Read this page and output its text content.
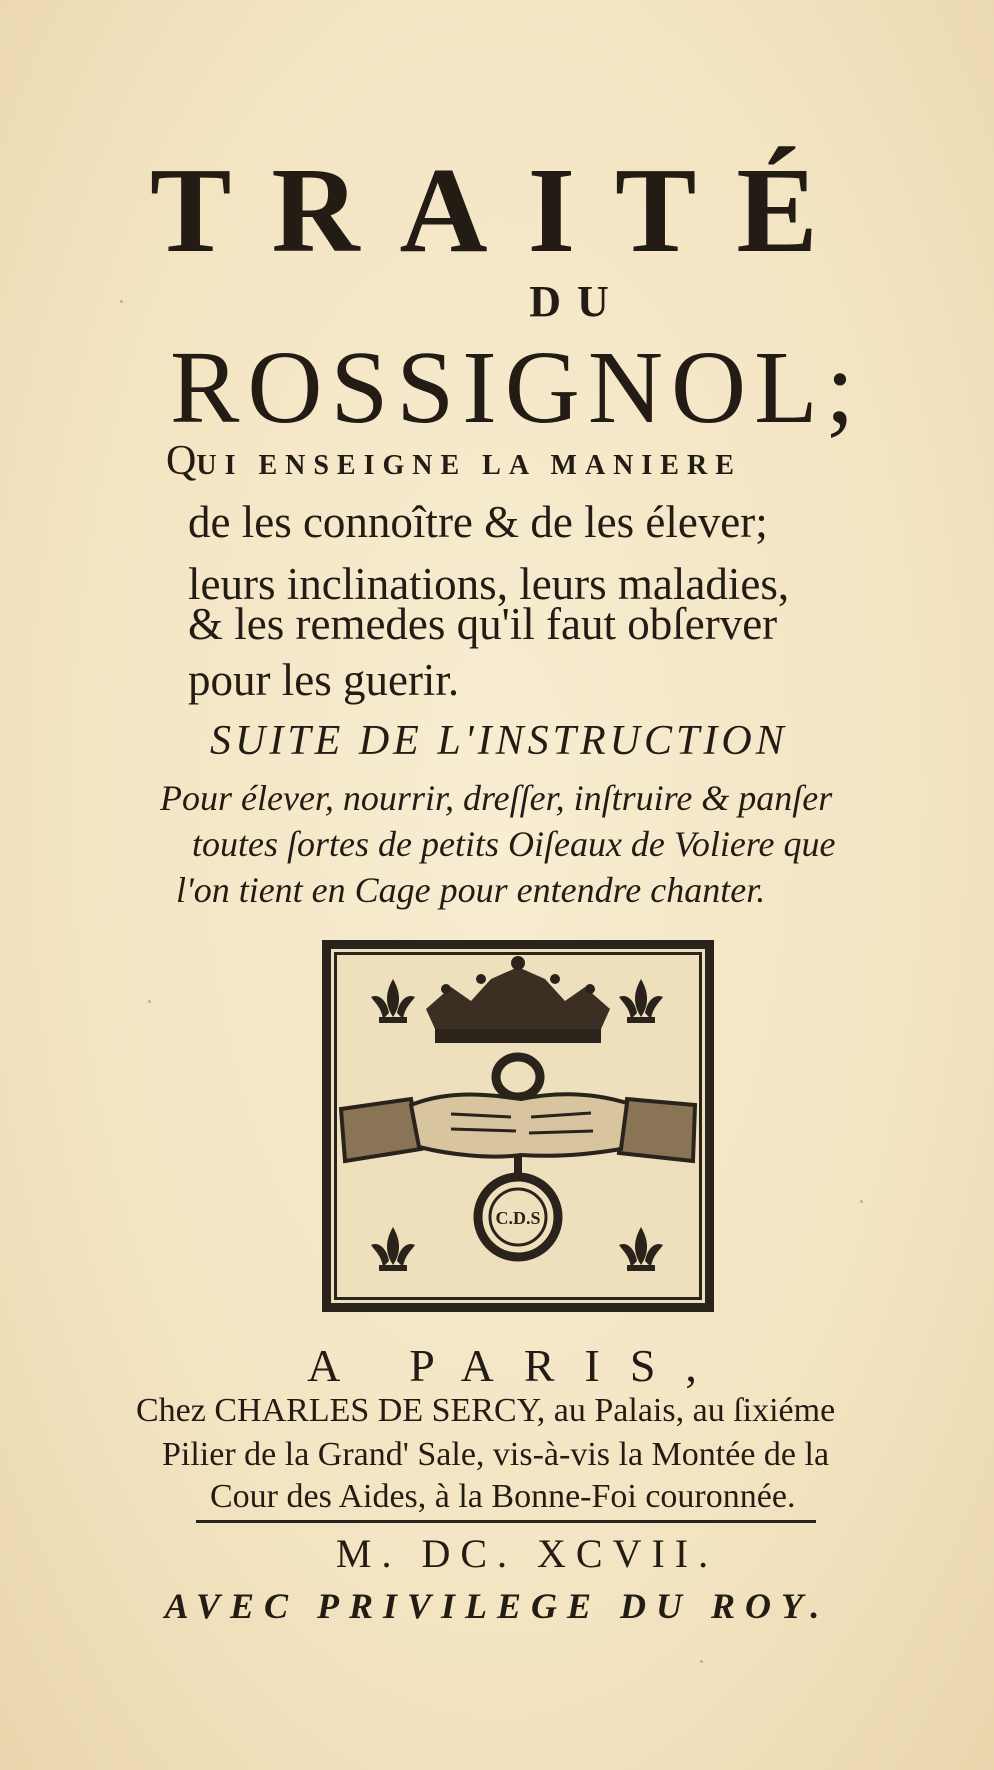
TRAITÉ
DU
ROSSIGNOL;
QUI ENSEIGNE LA MANIERE
de les connoître & de les élever;
leurs inclinations, leurs maladies,
& les remedes qu'il faut obſerver
pour les guerir.
SUITE DE L'INSTRUCTION
Pour élever, nourrir, dreſſer, inſtruire & panſer
toutes ſortes de petits Oiſeaux de Voliere que
l'on tient en Cage pour entendre chanter.
C.D.S
A PARIS,
Chez CHARLES DE SERCY, au Palais, au ſixiéme
Pilier de la Grand' Sale, vis-à-vis la Montée de la
Cour des Aides, à la Bonne-Foi couronnée.
M. DC. XCVII.
AVEC PRIVILEGE DU ROY.
